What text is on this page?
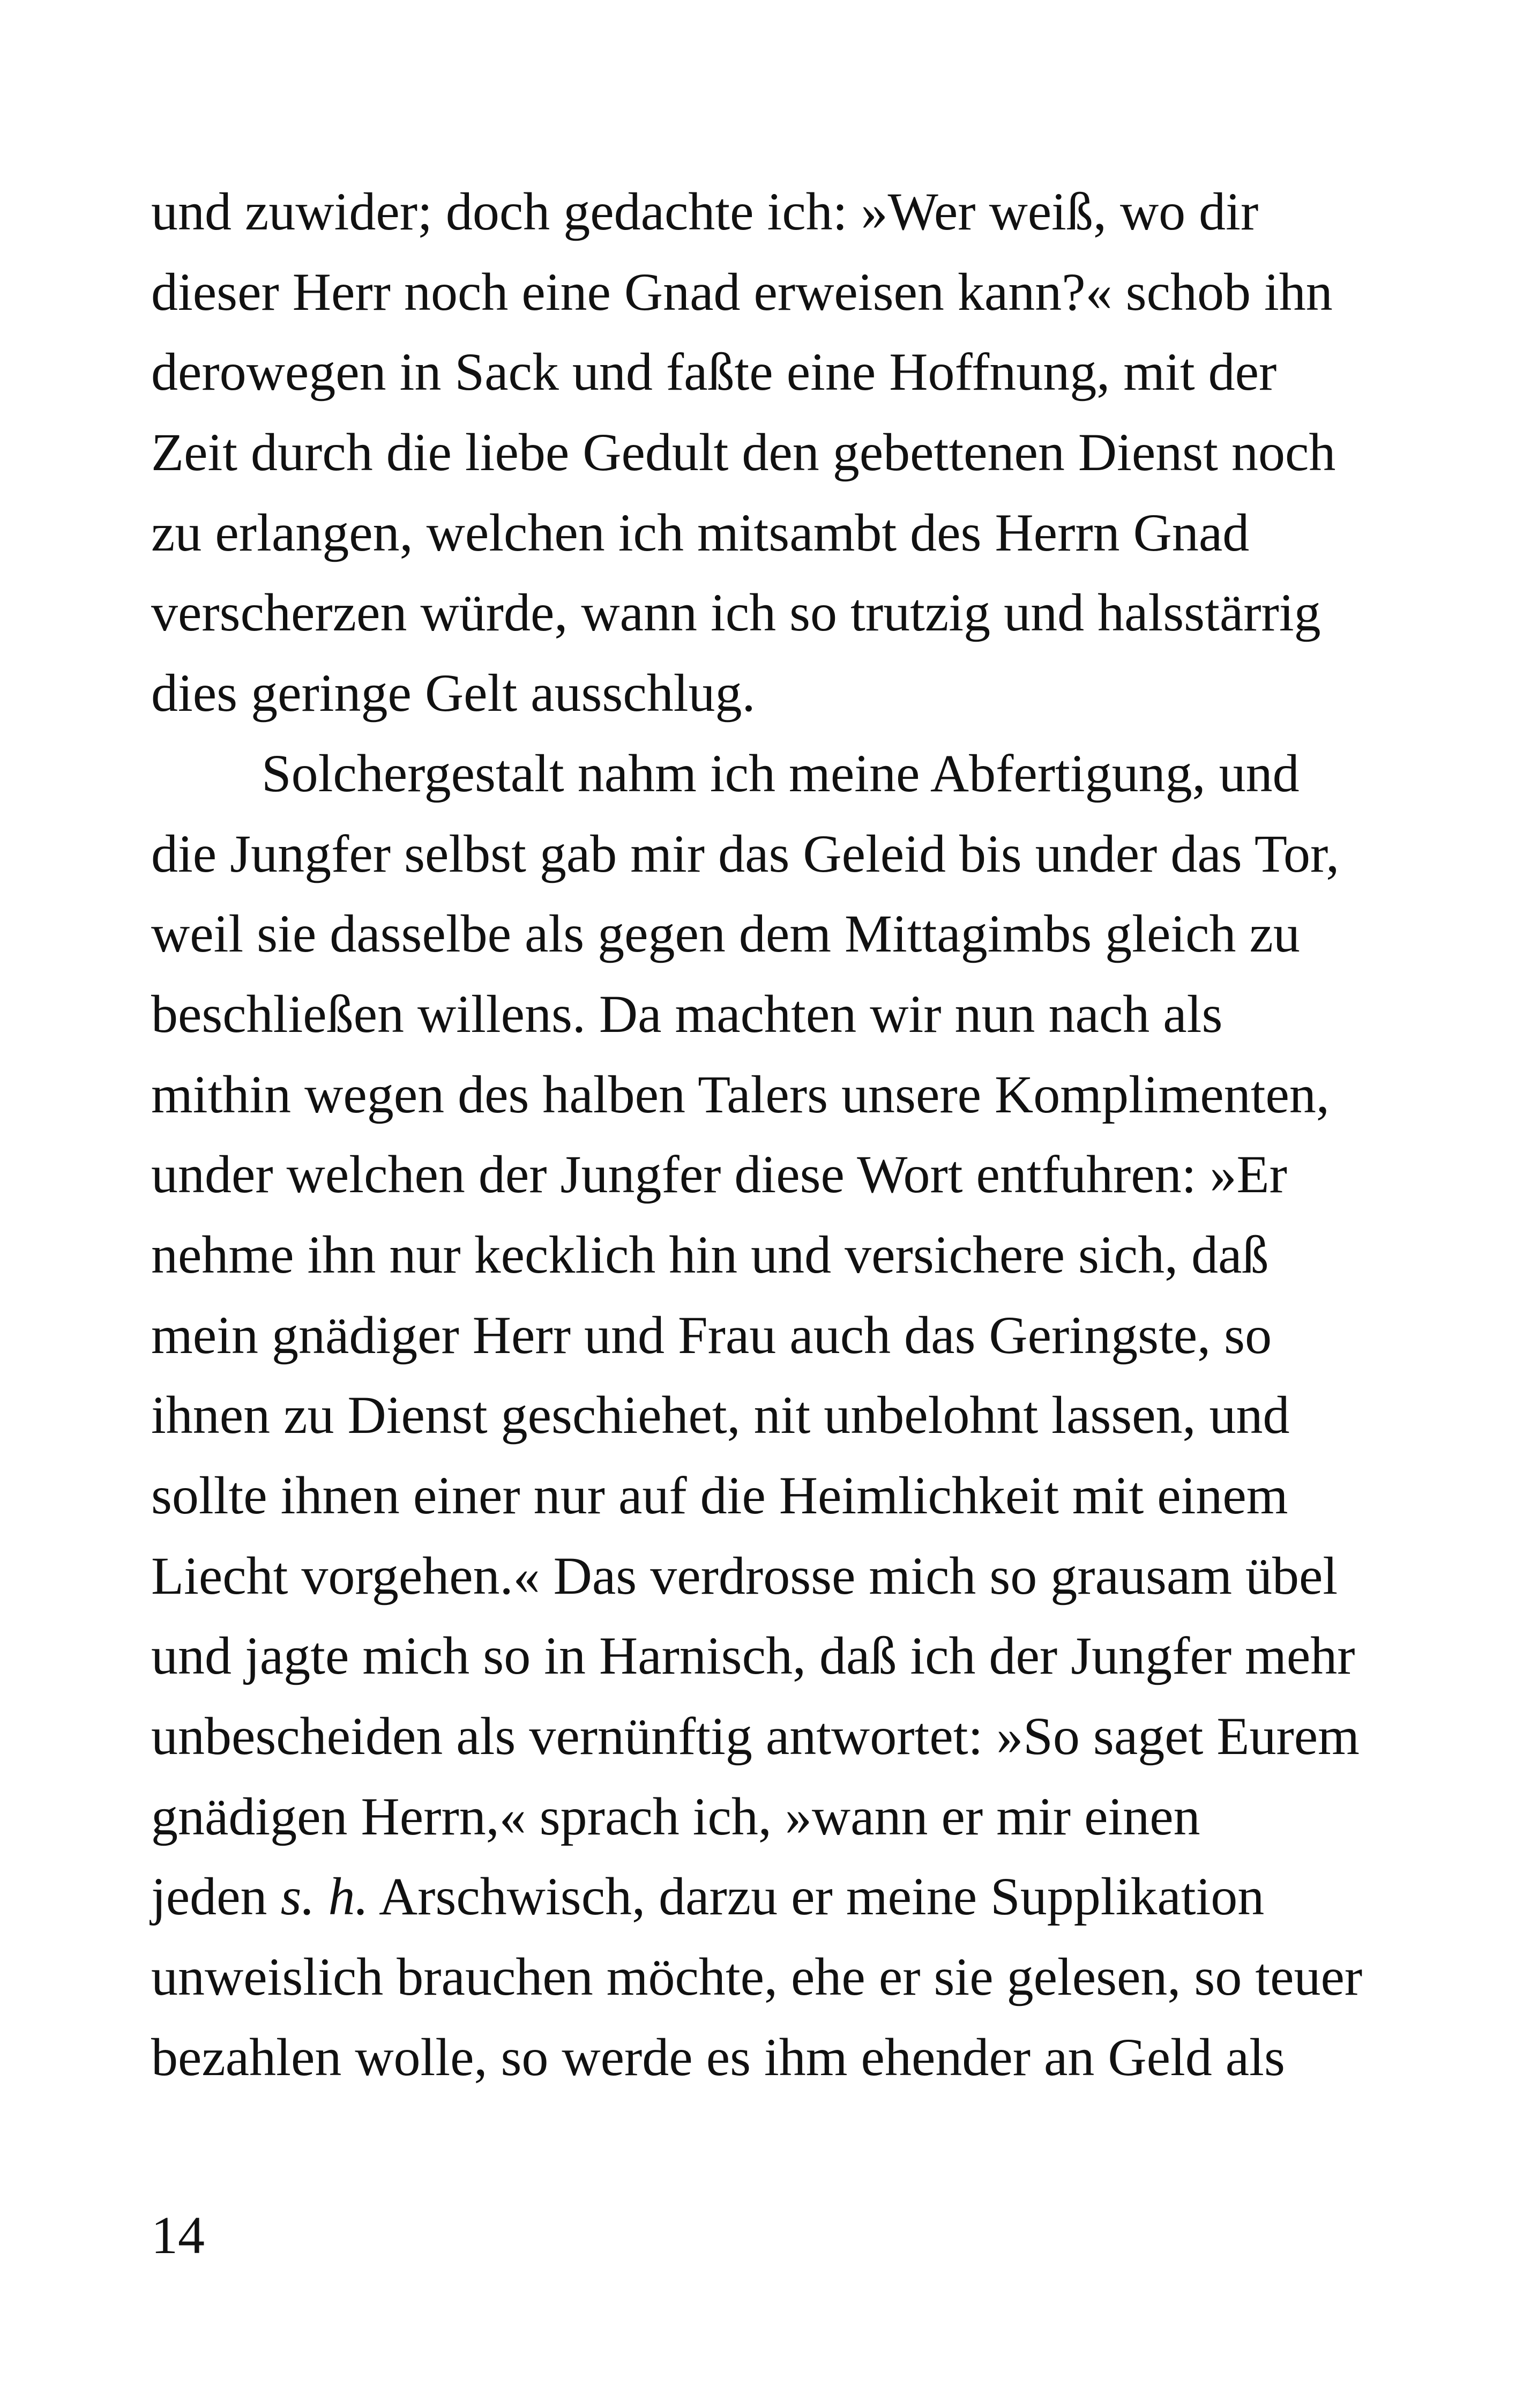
und zuwider; doch gedachte ich: »Wer weiß, wo dir
dieser Herr noch eine Gnad erweisen kann?« schob ihn
derowegen in Sack und faßte eine Hoffnung, mit der
Zeit durch die liebe Gedult den gebettenen Dienst noch
zu erlangen, welchen ich mitsambt des Herrn Gnad
verscherzen würde, wann ich so trutzig und halsstärrig
dies geringe Gelt ausschlug.
Solchergestalt nahm ich meine Abfertigung, und
die Jungfer selbst gab mir das Geleid bis under das Tor,
weil sie dasselbe als gegen dem Mittagimbs gleich zu
beschließen willens. Da machten wir nun nach als
mithin wegen des halben Talers unsere Komplimenten,
under welchen der Jungfer diese Wort entfuhren: »Er
nehme ihn nur kecklich hin und versichere sich, daß
mein gnädiger Herr und Frau auch das Geringste, so
ihnen zu Dienst geschiehet, nit unbelohnt lassen, und
sollte ihnen einer nur auf die Heimlichkeit mit einem
Liecht vorgehen.« Das verdrosse mich so grausam übel
und jagte mich so in Harnisch, daß ich der Jungfer mehr
unbescheiden als vernünftig antwortet: »So saget Eurem
gnädigen Herrn,« sprach ich, »wann er mir einen
jeden s. h. Arschwisch, darzu er meine Supplikation
unweislich brauchen möchte, ehe er sie gelesen, so teuer
bezahlen wolle, so werde es ihm ehender an Geld als
14
